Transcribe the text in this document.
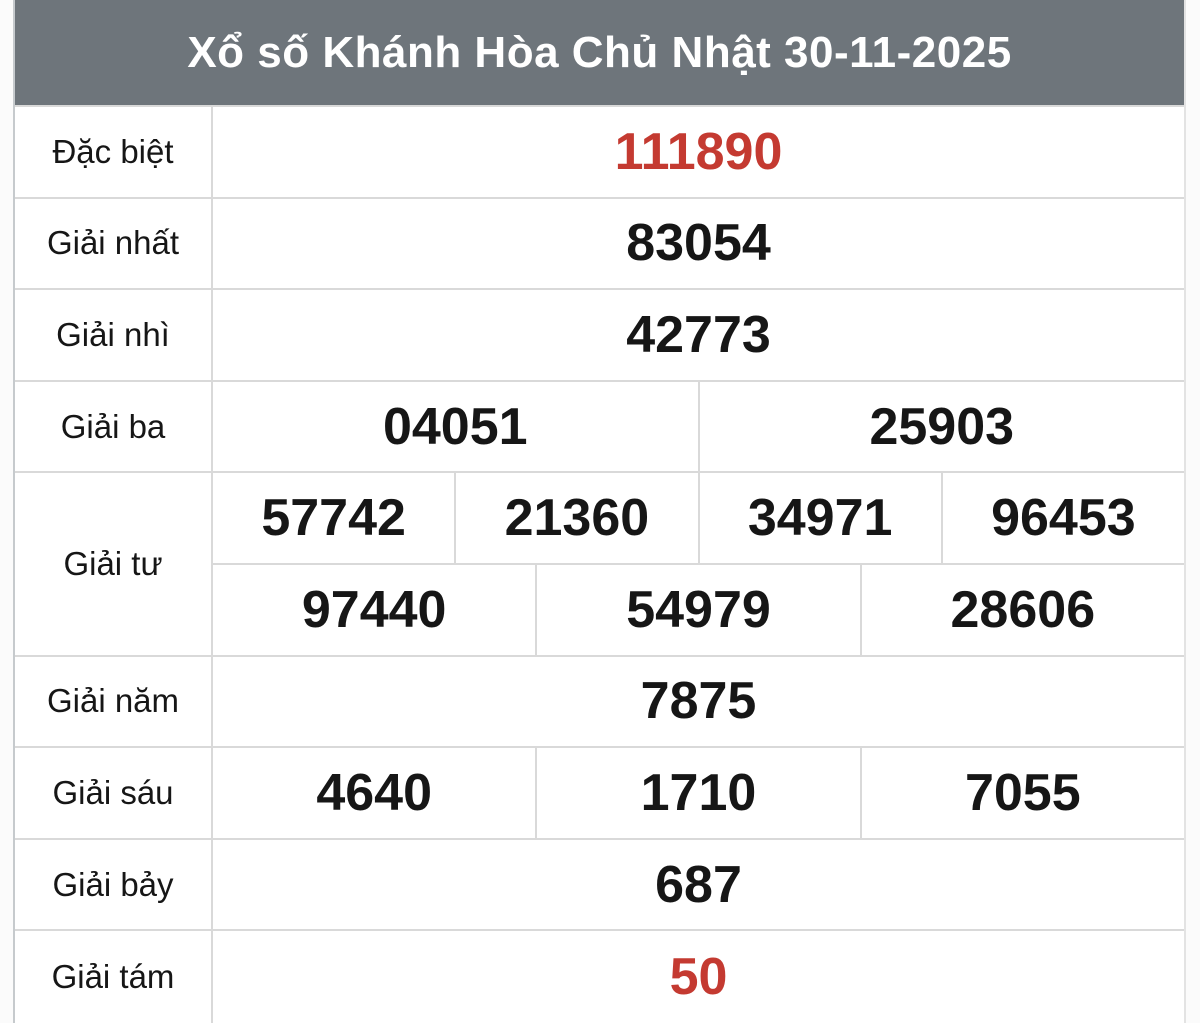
Xổ số Khánh Hòa Chủ Nhật 30-11-2025
Đặc biệt	111890
Giải nhất	83054
Giải nhì	42773
Giải ba	04051	25903
Giải tư
57742	21360	34971	96453
97440	54979	28606
Giải năm	7875
Giải sáu	4640	1710	7055
Giải bảy	687
Giải tám	50
